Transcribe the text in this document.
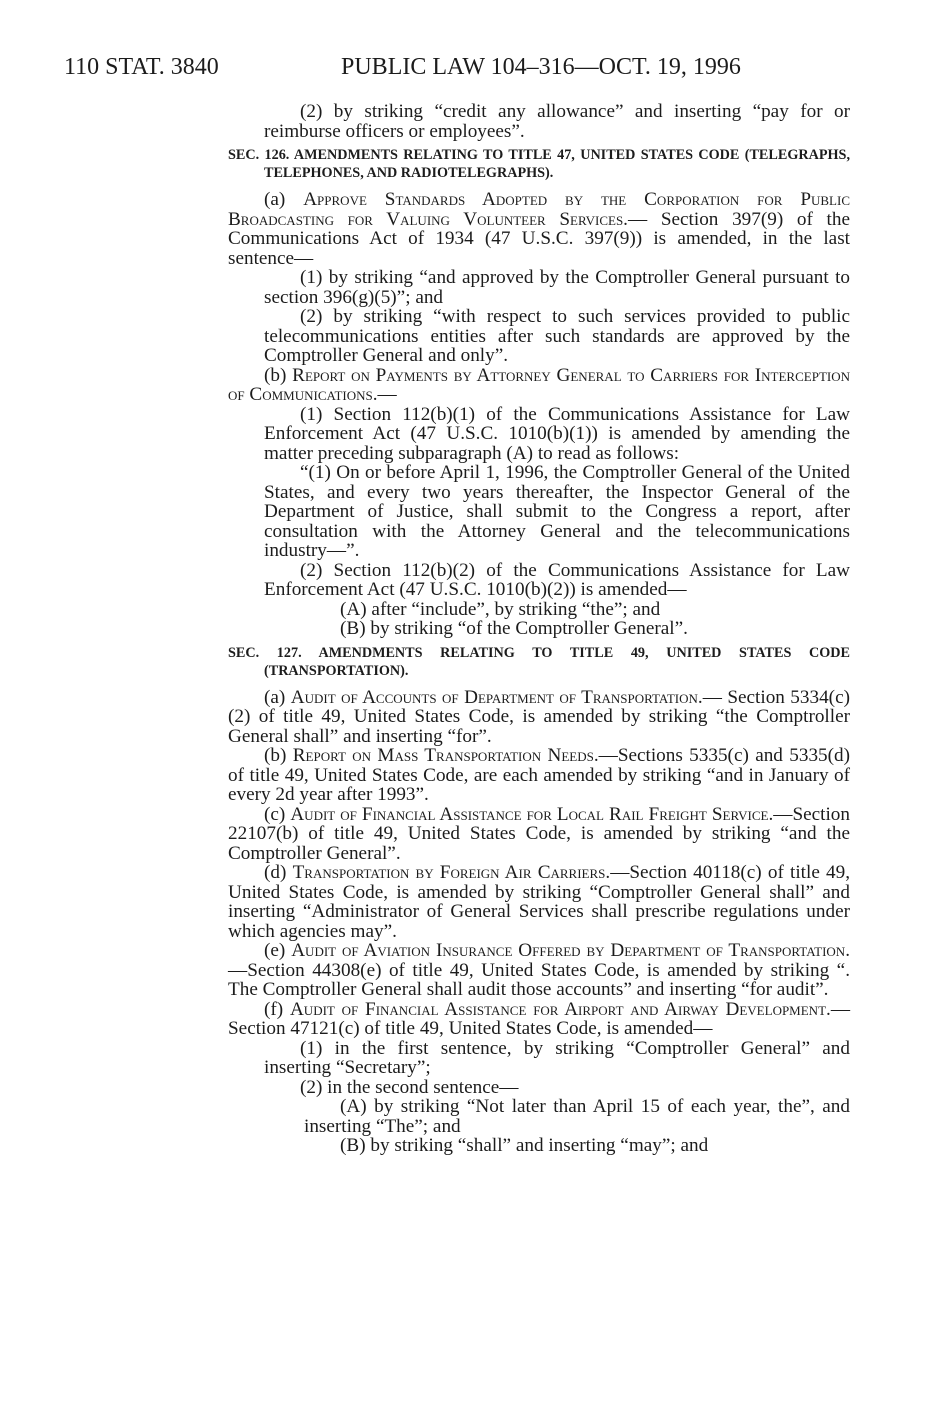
110 STAT. 3840	PUBLIC LAW 104–316—OCT. 19, 1996

(2) by striking “credit any allowance” and inserting “pay for or reimburse officers or employees”.

SEC. 126. AMENDMENTS RELATING TO TITLE 47, UNITED STATES CODE (TELEGRAPHS, TELEPHONES, AND RADIOTELEGRAPHS).

(a) Approve Standards Adopted by the Corporation for Public Broadcasting for Valuing Volunteer Services.— Section 397(9) of the Communications Act of 1934 (47 U.S.C. 397(9)) is amended, in the last sentence—

(1) by striking “and approved by the Comptroller General pursuant to section 396(g)(5)”; and

(2) by striking “with respect to such services provided to public telecommunications entities after such standards are approved by the Comptroller General and only”.

(b) Report on Payments by Attorney General to Carriers for Interception of Communications.—

(1) Section 112(b)(1) of the Communications Assistance for Law Enforcement Act (47 U.S.C. 1010(b)(1)) is amended by amending the matter preceding subparagraph (A) to read as follows:

“(1) On or before April 1, 1996, the Comptroller General of the United States, and every two years thereafter, the Inspector General of the Department of Justice, shall submit to the Congress a report, after consultation with the Attorney General and the telecommunications industry—”.

(2) Section 112(b)(2) of the Communications Assistance for Law Enforcement Act (47 U.S.C. 1010(b)(2)) is amended—

(A) after “include”, by striking “the”; and

(B) by striking “of the Comptroller General”.

SEC. 127. AMENDMENTS RELATING TO TITLE 49, UNITED STATES CODE (TRANSPORTATION).

(a) Audit of Accounts of Department of Transportation.— Section 5334(c)(2) of title 49, United States Code, is amended by striking “the Comptroller General shall” and inserting “for”.

(b) Report on Mass Transportation Needs.—Sections 5335(c) and 5335(d) of title 49, United States Code, are each amended by striking “and in January of every 2d year after 1993”.

(c) Audit of Financial Assistance for Local Rail Freight Service.—Section 22107(b) of title 49, United States Code, is amended by striking “and the Comptroller General”.

(d) Transportation by Foreign Air Carriers.—Section 40118(c) of title 49, United States Code, is amended by striking “Comptroller General shall” and inserting “Administrator of General Services shall prescribe regulations under which agencies may”.

(e) Audit of Aviation Insurance Offered by Department of Transportation.—Section 44308(e) of title 49, United States Code, is amended by striking “. The Comptroller General shall audit those accounts” and inserting “for audit”.

(f) Audit of Financial Assistance for Airport and Airway Development.—Section 47121(c) of title 49, United States Code, is amended—

(1) in the first sentence, by striking “Comptroller General” and inserting “Secretary”;

(2) in the second sentence—

(A) by striking “Not later than April 15 of each year, the”, and inserting “The”; and

(B) by striking “shall” and inserting “may”; and
